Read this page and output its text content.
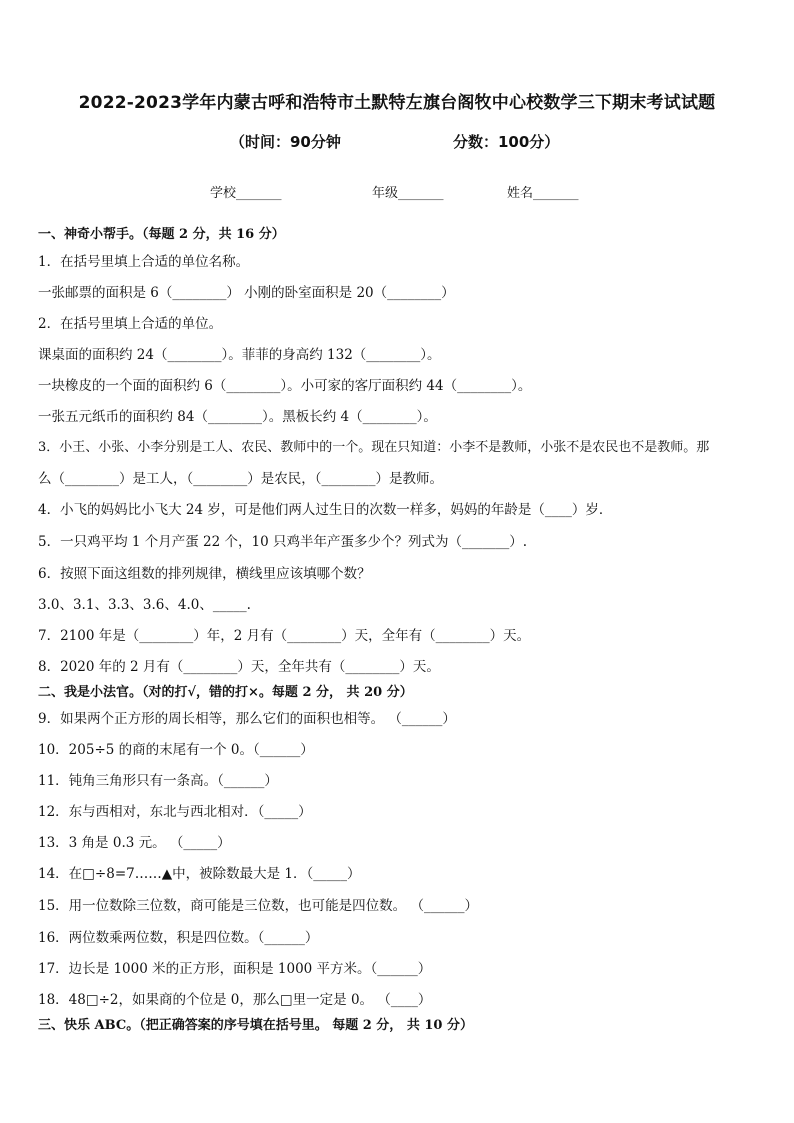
2022-2023学年内蒙古呼和浩特市土默特左旗台阁牧中心校数学三下期末考试试题
（时间：90分钟	分数：100分）
学校_______	年级_______	姓名_______
一、神奇小帮手。（每题 2 分，共 16 分）
1．在括号里填上合适的单位名称。
一张邮票的面积是 6（________） 小刚的卧室面积是 20（________）
2．在括号里填上合适的单位。
课桌面的面积约 24（________）。菲菲的身高约 132（________）。
一块橡皮的一个面的面积约 6（________）。小可家的客厅面积约 44（________）。
一张五元纸币的面积约 84（________）。黑板长约 4（________）。
3．小王、小张、小李分别是工人、农民、教师中的一个。现在只知道：小李不是教师，小张不是农民也不是教师。那
么（________）是工人，（________）是农民，（________）是教师。
4．小飞的妈妈比小飞大 24 岁，可是他们两人过生日的次数一样多，妈妈的年龄是（____）岁．
5．一只鸡平均 1 个月产蛋 22 个，10 只鸡半年产蛋多少个？列式为（_______）.
6．按照下面这组数的排列规律，横线里应该填哪个数？
3.0、3.1、3.3、3.6、4.0、_____.
7．2100 年是（________）年，2 月有（________）天，全年有（________）天。
8．2020 年的 2 月有（________）天，全年共有（________）天。
二、我是小法官。（对的打√，错的打×。每题 2 分， 共 20 分）
9．如果两个正方形的周长相等，那么它们的面积也相等。 （______）
10．205÷5 的商的末尾有一个 0。（______）
11．钝角三角形只有一条高。（______）
12．东与西相对，东北与西北相对．（_____）
13．3 角是 0.3 元。 （_____）
14．在□÷8=7……▲中，被除数最大是 1．（_____）
15．用一位数除三位数，商可能是三位数，也可能是四位数。 （______）
16．两位数乘两位数，积是四位数。（______）
17．边长是 1000 米的正方形，面积是 1000 平方米。（______）
18．48□÷2，如果商的个位是 0，那么□里一定是 0。 （____）
三、快乐 ABC。（把正确答案的序号填在括号里。 每题 2 分， 共 10 分）
